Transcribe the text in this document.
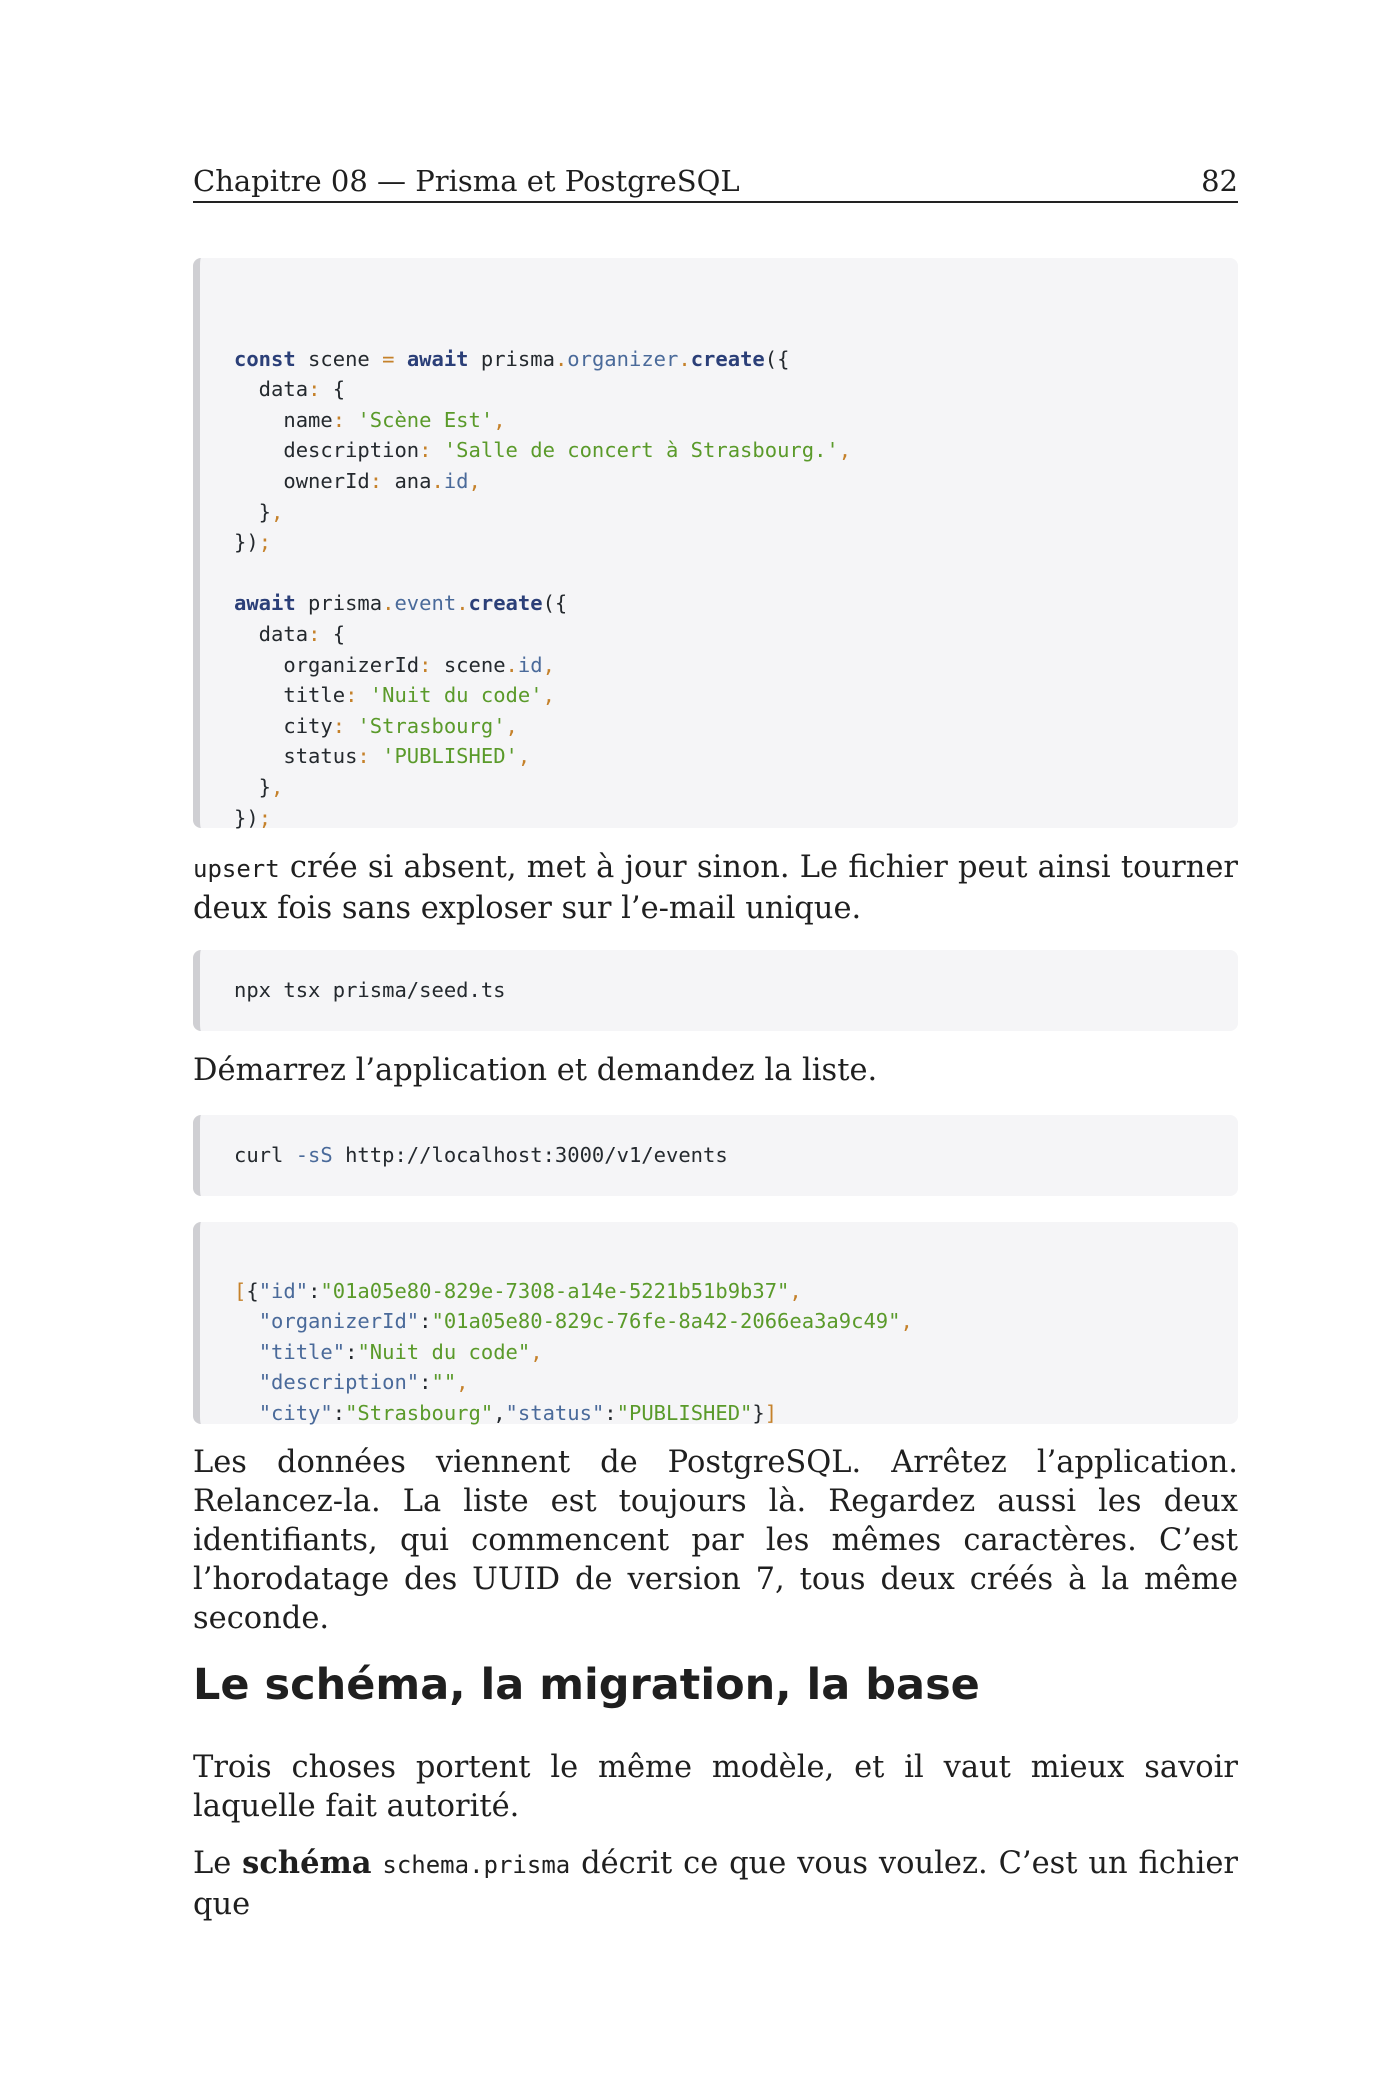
Chapitre 08 — Prisma et PostgreSQL	82

const scene = await prisma.organizer.create({
data: {
name: 'Scène Est',
description: 'Salle de concert à Strasbourg.',
ownerId: ana.id,
},
});

await prisma.event.create({
data: {
organizerId: scene.id,
title: 'Nuit du code',
city: 'Strasbourg',
status: 'PUBLISHED',
},
});

upsert crée si absent, met à jour sinon. Le fichier peut ainsi tourner deux fois sans exploser sur l’e-mail unique.

npx tsx prisma/seed.ts

Démarrez l’application et demandez la liste.

curl -sS http://localhost:3000/v1/events

[{"id":"01a05e80-829e-7308-a14e-5221b51b9b37",
"organizerId":"01a05e80-829c-76fe-8a42-2066ea3a9c49",
"title":"Nuit du code",
"description":"",
"city":"Strasbourg","status":"PUBLISHED"}]

Les données viennent de PostgreSQL. Arrêtez l’application. Relancez-la. La liste est toujours là. Regardez aussi les deux identifiants, qui commencent par les mêmes caractères. C’est l’horodatage des UUID de version 7, tous deux créés à la même seconde.

Le schéma, la migration, la base

Trois choses portent le même modèle, et il vaut mieux savoir laquelle fait autorité.

Le schéma schema.prisma décrit ce que vous voulez. C’est un fichier que
